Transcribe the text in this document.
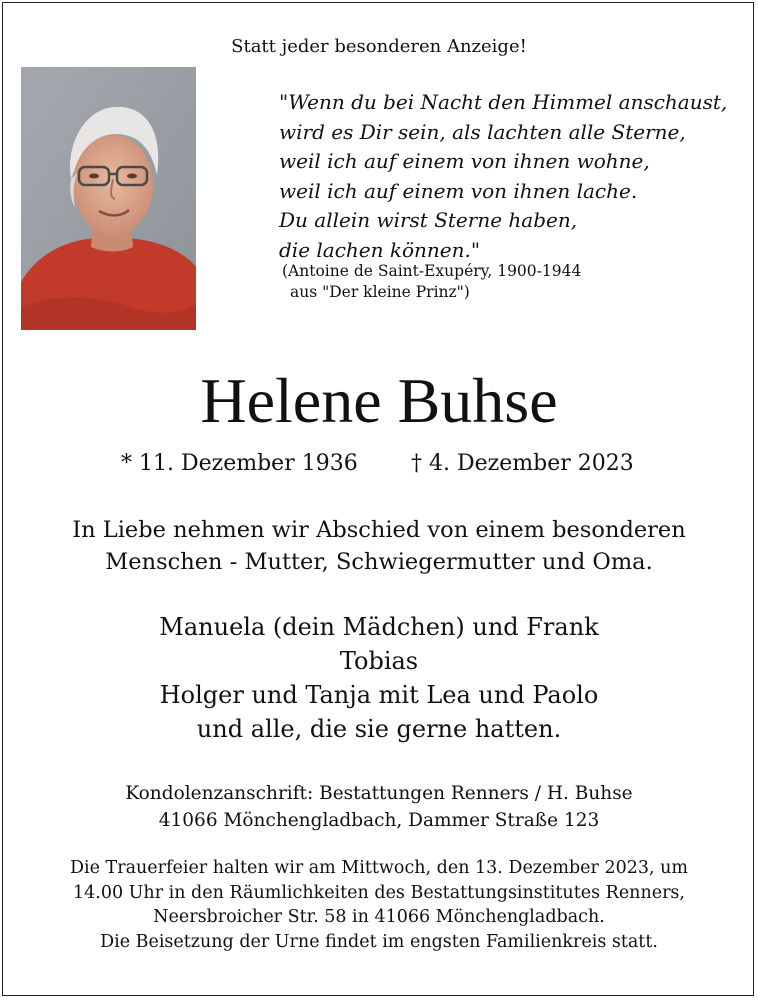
Statt jeder besonderen Anzeige!
"Wenn du bei Nacht den Himmel anschaust,
wird es Dir sein, als lachten alle Sterne,
weil ich auf einem von ihnen wohne,
weil ich auf einem von ihnen lache.
Du allein wirst Sterne haben,
die lachen können."
(Antoine de Saint-Exupéry, 1900-1944
aus "Der kleine Prinz")
Helene Buhse
* 11. Dezember 1936 † 4. Dezember 2023
In Liebe nehmen wir Abschied von einem besonderen
Menschen - Mutter, Schwiegermutter und Oma.
Manuela (dein Mädchen) und Frank
Tobias
Holger und Tanja mit Lea und Paolo
und alle, die sie gerne hatten.
Kondolenzanschrift: Bestattungen Renners / H. Buhse
41066 Mönchengladbach, Dammer Straße 123
Die Trauerfeier halten wir am Mittwoch, den 13. Dezember 2023, um
14.00 Uhr in den Räumlichkeiten des Bestattungsinstitutes Renners,
Neersbroicher Str. 58 in 41066 Mönchengladbach.
Die Beisetzung der Urne findet im engsten Familienkreis statt.
